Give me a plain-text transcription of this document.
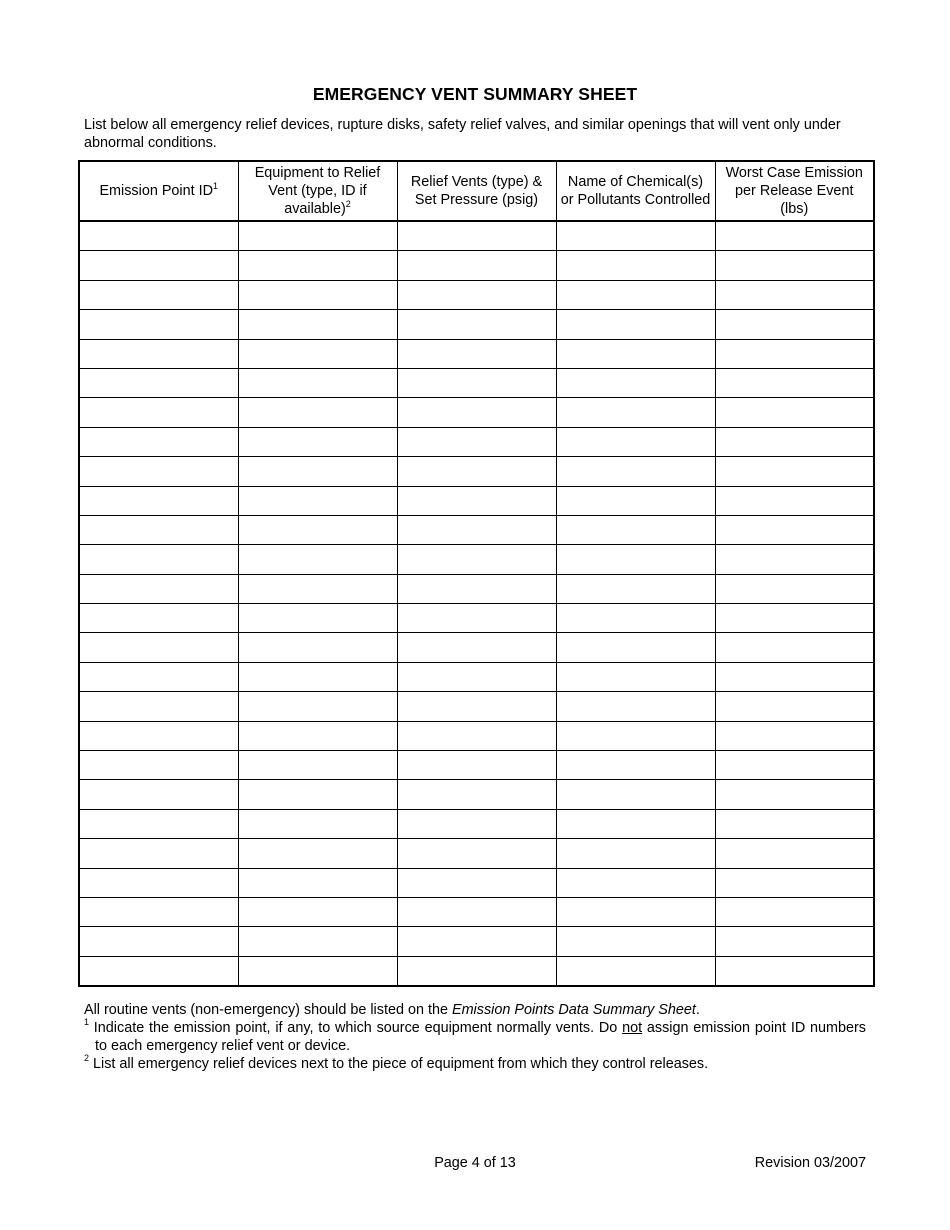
EMERGENCY VENT SUMMARY SHEET
List below all emergency relief devices, rupture disks, safety relief valves, and similar openings that will vent only under abnormal conditions.
Emission Point $ID^1$	Equipment to Relief Vent (type, ID if available)$^2$	Relief Vents (type) & Set Pressure (psig)	Name of Chemical(s) or Pollutants Controlled	Worst Case Emission per Release Event (lbs)

All routine vents (non-emergency) should be listed on the Emission Points Data Summary Sheet.
$^1$ Indicate the emission point, if any, to which source equipment normally vents. Do not assign emission point ID numbers to each emergency relief vent or device.
$^2$ List all emergency relief devices next to the piece of equipment from which they control releases.
Page 4 of 13	Revision 03/2007
